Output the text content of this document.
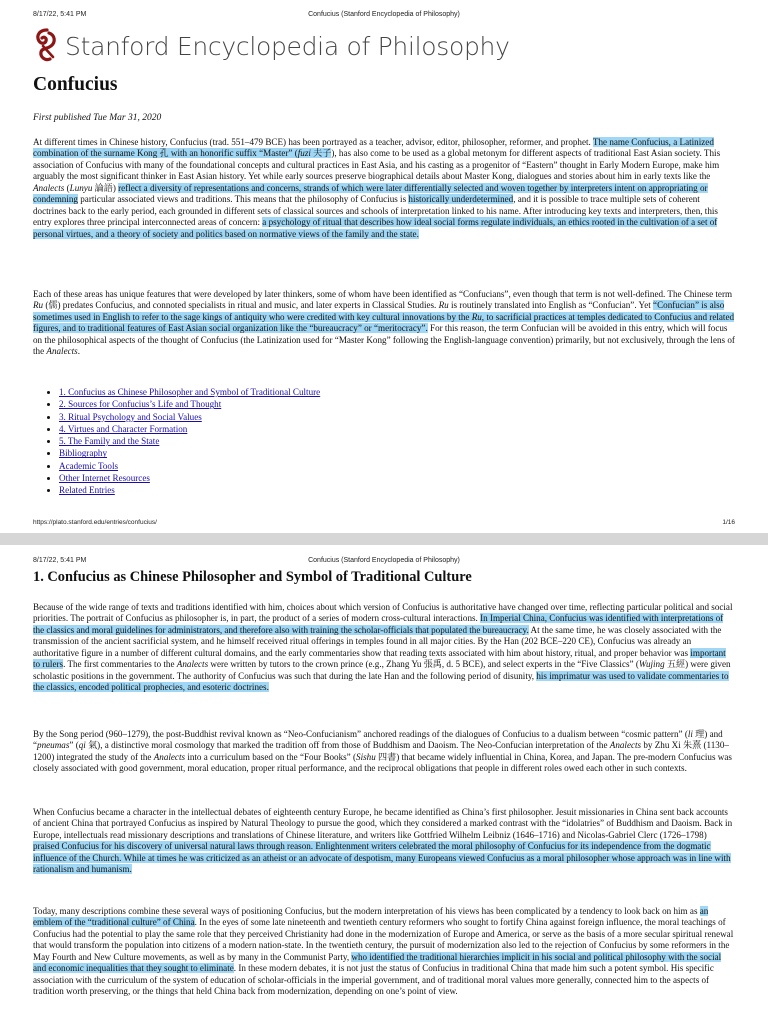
8/17/22, 5:41 PM	Confucius (Stanford Encyclopedia of Philosophy)
Stanford Encyclopedia of Philosophy
Confucius

First published Tue Mar 31, 2020

At different times in Chinese history, Confucius (trad. 551–479 BCE) has been portrayed as a teacher, advisor, editor, philosopher, reformer, and prophet. The name Confucius, a Latinized combination of the surname Kong 孔 with an honorific suffix “Master” (fuzi 夫子), has also come to be used as a global metonym for different aspects of traditional East Asian society. This association of Confucius with many of the foundational concepts and cultural practices in East Asia, and his casting as a progenitor of “Eastern” thought in Early Modern Europe, make him arguably the most significant thinker in East Asian history. Yet while early sources preserve biographical details about Master Kong, dialogues and stories about him in early texts like the Analects (Lunyu 論語) reflect a diversity of representations and concerns, strands of which were later differentially selected and woven together by interpreters intent on appropriating or condemning particular associated views and traditions. This means that the philosophy of Confucius is historically underdetermined, and it is possible to trace multiple sets of coherent doctrines back to the early period, each grounded in different sets of classical sources and schools of interpretation linked to his name. After introducing key texts and interpreters, then, this entry explores three principal interconnected areas of concern: a psychology of ritual that describes how ideal social forms regulate individuals, an ethics rooted in the cultivation of a set of personal virtues, and a theory of society and politics based on normative views of the family and the state.

Each of these areas has unique features that were developed by later thinkers, some of whom have been identified as “Confucians”, even though that term is not well-defined. The Chinese term Ru (儒) predates Confucius, and connoted specialists in ritual and music, and later experts in Classical Studies. Ru is routinely translated into English as “Confucian”. Yet “Confucian” is also sometimes used in English to refer to the sage kings of antiquity who were credited with key cultural innovations by the Ru, to sacrificial practices at temples dedicated to Confucius and related figures, and to traditional features of East Asian social organization like the “bureaucracy” or “meritocracy”. For this reason, the term Confucian will be avoided in this entry, which will focus on the philosophical aspects of the thought of Confucius (the Latinization used for “Master Kong” following the English-language convention) primarily, but not exclusively, through the lens of the Analects.

• 1. Confucius as Chinese Philosopher and Symbol of Traditional Culture
• 2. Sources for Confucius’s Life and Thought
• 3. Ritual Psychology and Social Values
• 4. Virtues and Character Formation
• 5. The Family and the State
• Bibliography
• Academic Tools
• Other Internet Resources
• Related Entries
https://plato.stanford.edu/entries/confucius/	1/16
8/17/22, 5:41 PM	Confucius (Stanford Encyclopedia of Philosophy)
1. Confucius as Chinese Philosopher and Symbol of Traditional Culture

Because of the wide range of texts and traditions identified with him, choices about which version of Confucius is authoritative have changed over time, reflecting particular political and social priorities. The portrait of Confucius as philosopher is, in part, the product of a series of modern cross-cultural interactions. In Imperial China, Confucius was identified with interpretations of the classics and moral guidelines for administrators, and therefore also with training the scholar-officials that populated the bureaucracy. At the same time, he was closely associated with the transmission of the ancient sacrificial system, and he himself received ritual offerings in temples found in all major cities. By the Han (202 BCE–220 CE), Confucius was already an authoritative figure in a number of different cultural domains, and the early commentaries show that reading texts associated with him about history, ritual, and proper behavior was important to rulers. The first commentaries to the Analects were written by tutors to the crown prince (e.g., Zhang Yu 張禹, d. 5 BCE), and select experts in the “Five Classics” (Wujing 五經) were given scholastic positions in the government. The authority of Confucius was such that during the late Han and the following period of disunity, his imprimatur was used to validate commentaries to the classics, encoded political prophecies, and esoteric doctrines.

By the Song period (960–1279), the post-Buddhist revival known as “Neo-Confucianism” anchored readings of the dialogues of Confucius to a dualism between “cosmic pattern” (li 理) and “pneumas” (qi 氣), a distinctive moral cosmology that marked the tradition off from those of Buddhism and Daoism. The Neo-Confucian interpretation of the Analects by Zhu Xi 朱熹 (1130–1200) integrated the study of the Analects into a curriculum based on the “Four Books” (Sishu 四書) that became widely influential in China, Korea, and Japan. The pre-modern Confucius was closely associated with good government, moral education, proper ritual performance, and the reciprocal obligations that people in different roles owed each other in such contexts.

When Confucius became a character in the intellectual debates of eighteenth century Europe, he became identified as China’s first philosopher. Jesuit missionaries in China sent back accounts of ancient China that portrayed Confucius as inspired by Natural Theology to pursue the good, which they considered a marked contrast with the “idolatries” of Buddhism and Daoism. Back in Europe, intellectuals read missionary descriptions and translations of Chinese literature, and writers like Gottfried Wilhelm Leibniz (1646–1716) and Nicolas-Gabriel Clerc (1726–1798) praised Confucius for his discovery of universal natural laws through reason. Enlightenment writers celebrated the moral philosophy of Confucius for its independence from the dogmatic influence of the Church. While at times he was criticized as an atheist or an advocate of despotism, many Europeans viewed Confucius as a moral philosopher whose approach was in line with rationalism and humanism.

Today, many descriptions combine these several ways of positioning Confucius, but the modern interpretation of his views has been complicated by a tendency to look back on him as an emblem of the “traditional culture” of China. In the eyes of some late nineteenth and twentieth century reformers who sought to fortify China against foreign influence, the moral teachings of Confucius had the potential to play the same role that they perceived Christianity had done in the modernization of Europe and America, or serve as the basis of a more secular spiritual renewal that would transform the population into citizens of a modern nation-state. In the twentieth century, the pursuit of modernization also led to the rejection of Confucius by some reformers in the May Fourth and New Culture movements, as well as by many in the Communist Party, who identified the traditional hierarchies implicit in his social and political philosophy with the social and economic inequalities that they sought to eliminate. In these modern debates, it is not just the status of Confucius in traditional China that made him such a potent symbol. His specific association with the curriculum of the system of education of scholar-officials in the imperial government, and of traditional moral values more generally, connected him to the aspects of tradition worth preserving, or the things that held China back from modernization, depending on one’s point of view.
